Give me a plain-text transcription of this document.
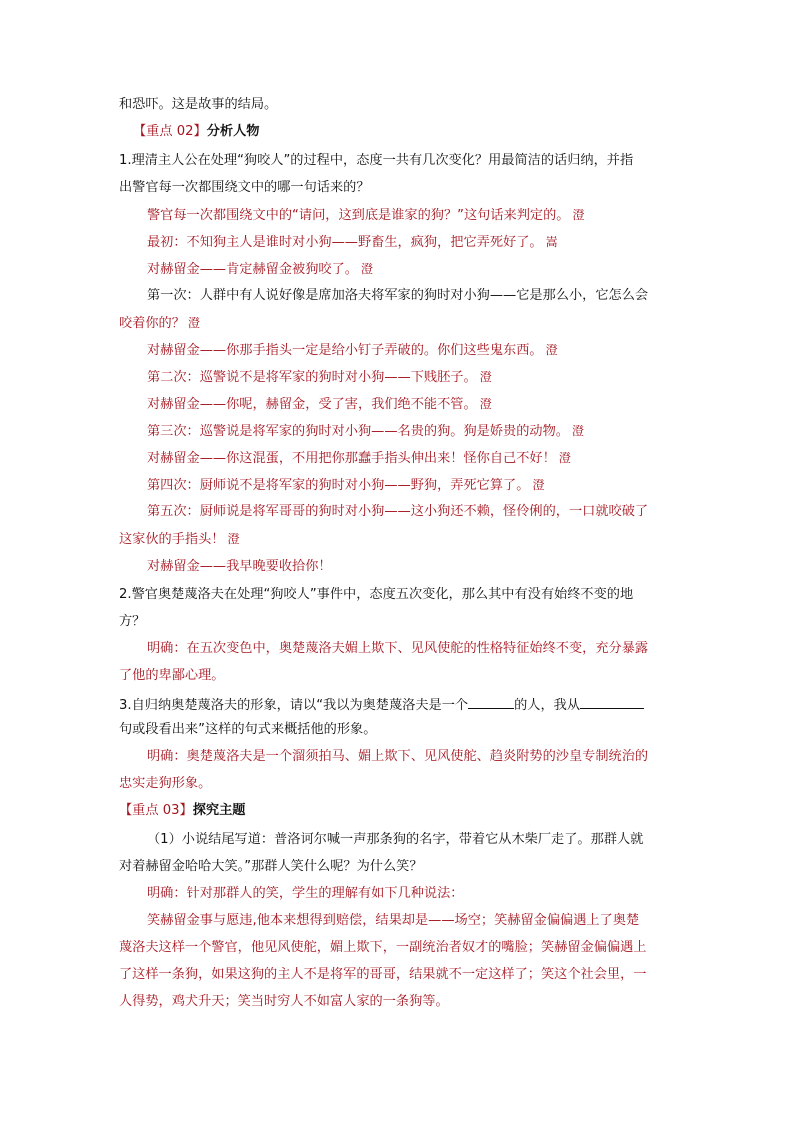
和恐吓。这是故事的结局。
【重点 02】分析人物
1.理清主人公在处理“狗咬人”的过程中，态度一共有几次变化？用最简洁的话归纳，并指
出警官每一次都围绕文中的哪一句话来的？
警官每一次都围绕文中的“请问，这到底是谁家的狗？”这句话来判定的。 澄
最初：不知狗主人是谁时对小狗——野畜生，疯狗，把它弄死好了。 嵩
对赫留金——肯定赫留金被狗咬了。 澄
第一次：人群中有人说好像是席加洛夫将军家的狗时对小狗——它是那么小，它怎么会
咬着你的？ 澄
对赫留金——你那手指头一定是给小钉子弄破的。你们这些鬼东西。 澄
第二次：巡警说不是将军家的狗时对小狗——下贱胚子。 澄
对赫留金——你呢，赫留金，受了害，我们绝不能不管。 澄
第三次：巡警说是将军家的狗时对小狗——名贵的狗。狗是娇贵的动物。 澄
对赫留金——你这混蛋，不用把你那蠢手指头伸出来！怪你自己不好！ 澄
第四次：厨师说不是将军家的狗时对小狗——野狗，弄死它算了。 澄
第五次：厨师说是将军哥哥的狗时对小狗——这小狗还不赖，怪伶俐的，一口就咬破了
这家伙的手指头！ 澄
对赫留金——我早晚要收拾你！
2.警官奥楚蔑洛夫在处理“狗咬人”事件中，态度五次变化，那么其中有没有始终不变的地
方？
明确：在五次变色中，奥楚蔑洛夫媚上欺下、见风使舵的性格特征始终不变，充分暴露
了他的卑鄙心理。
3.自归纳奥楚蔑洛夫的形象，请以“我以为奥楚蔑洛夫是一个	的人，我从
句或段看出来”这样的句式来概括他的形象。
明确：奥楚蔑洛夫是一个溜须拍马、媚上欺下、见风使舵、趋炎附势的沙皇专制统治的
忠实走狗形象。
【重点 03】探究主题
（1）小说结尾写道：普洛诃尔喊一声那条狗的名字，带着它从木柴厂走了。那群人就
对着赫留金哈哈大笑。”那群人笑什么呢？为什么笑？
明确：针对那群人的笑，学生的理解有如下几种说法：
笑赫留金事与愿违,他本来想得到赔偿，结果却是——场空；笑赫留金偏偏遇上了奥楚
蔑洛夫这样一个警官，他见风使舵，媚上欺下，一副统治者奴才的嘴脸；笑赫留金偏偏遇上
了这样一条狗，如果这狗的主人不是将军的哥哥，结果就不一定这样了；笑这个社会里，一
人得势，鸡犬升天；笑当时穷人不如富人家的一条狗等。
